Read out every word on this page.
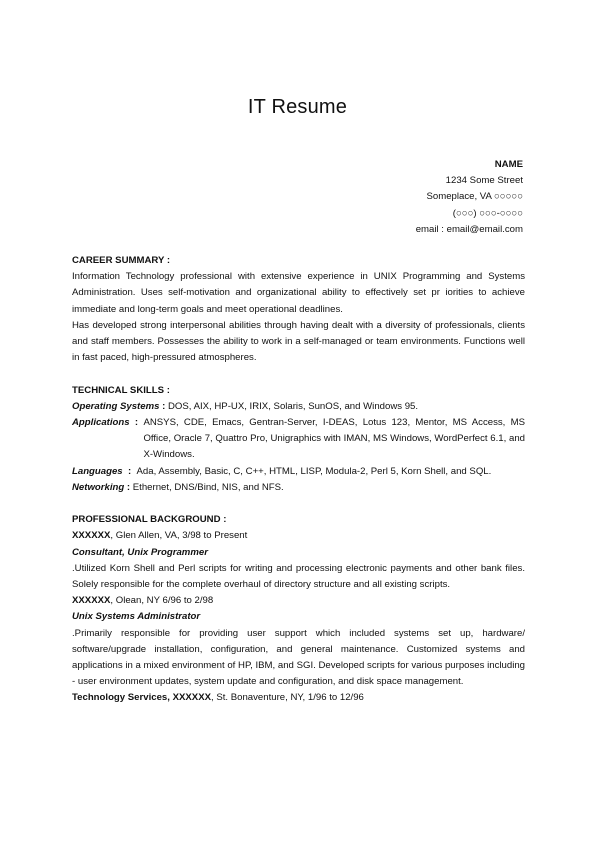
IT Resume
NAME
1234 Some Street
Someplace, VA ○○○○○
(○○○) ○○○-○○○○
email : email@email.com

CAREER SUMMARY :

Information Technology professional with extensive experience in UNIX Programming and Systems Administration. Uses self-motivation and organizational ability to effectively set pr iorities to achieve immediate and long-term goals and meet operational deadlines.

Has developed strong interpersonal abilities through having dealt with a diversity of professionals, clients and staff members. Possesses the ability to work in a self-managed or team environments. Functions well in fast paced, high-pressured atmospheres.

TECHNICAL SKILLS :

Operating Systems : DOS, AIX, HP-UX, IRIX, Solaris, SunOS, and Windows 95.
Applications : ANSYS, CDE, Emacs, Gentran-Server, I-DEAS, Lotus 123, Mentor, MS Access, MS Office, Oracle 7, Quattro Pro, Unigraphics with IMAN, MS Windows, WordPerfect 6.1, and X-Windows.
Languages : Ada, Assembly, Basic, C, C++, HTML, LISP, Modula-2, Perl 5, Korn Shell, and SQL.
Networking : Ethernet, DNS/Bind, NIS, and NFS.

PROFESSIONAL BACKGROUND :

XXXXXX, Glen Allen, VA, 3/98 to Present

Consultant, Unix Programmer

.Utilized Korn Shell and Perl scripts for writing and processing electronic payments and other bank files. Solely responsible for the complete overhaul of directory structure and all existing scripts.

XXXXXX, Olean, NY 6/96 to 2/98

Unix Systems Administrator

.Primarily responsible for providing user support which included systems set up, hardware/ software/upgrade installation, configuration, and general maintenance. Customized systems and applications in a mixed environment of HP, IBM, and SGI. Developed scripts for various purposes including - user environment updates, system update and configuration, and disk space management.

Technology Services, XXXXXX, St. Bonaventure, NY, 1/96 to 12/96
